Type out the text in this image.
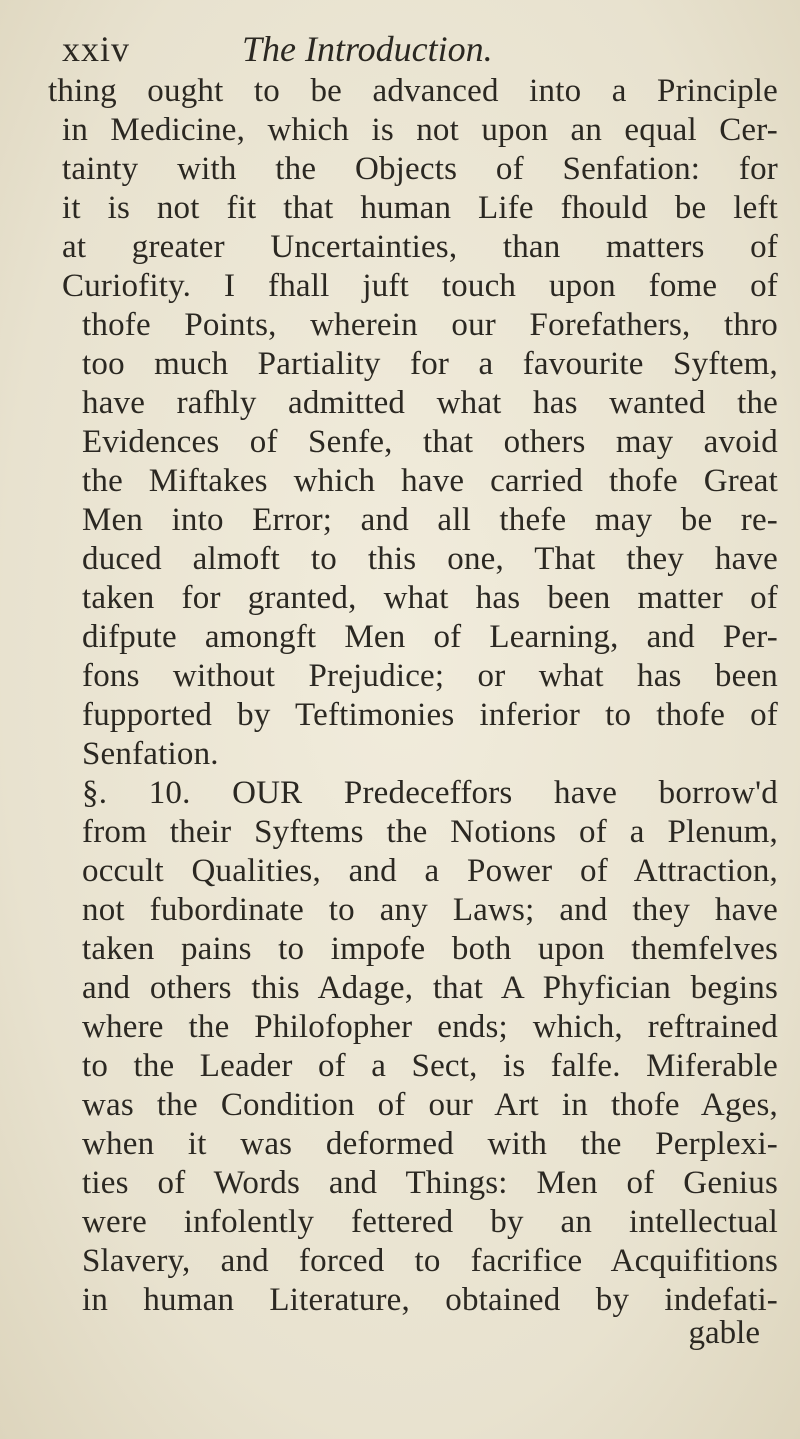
xxiv	The Introduction.
thing ought to be advanced into a Principle
in Medicine, which is not upon an equal Cer-
tainty with the Objects of Senfation: for
it is not fit that human Life fhould be left
at greater Uncertainties, than matters of
Curiofity. I fhall juft touch upon fome of
thofe Points, wherein our Forefathers, thro
too much Partiality for a favourite Syftem,
have rafhly admitted what has wanted the
Evidences of Senfe, that others may avoid
the Miftakes which have carried thofe Great
Men into Error; and all thefe may be re-
duced almoft to this one, That they have
taken for granted, what has been matter of
difpute amongft Men of Learning, and Per-
fons without Prejudice; or what has been
fupported by Teftimonies inferior to thofe of
Senfation.
§. 10. OUR Predeceffors have borrow'd
from their Syftems the Notions of a Plenum,
occult Qualities, and a Power of Attraction,
not fubordinate to any Laws; and they have
taken pains to impofe both upon themfelves
and others this Adage, that A Phyfician begins
where the Philofopher ends; which, reftrained
to the Leader of a Sect, is falfe. Miferable
was the Condition of our Art in thofe Ages,
when it was deformed with the Perplexi-
ties of Words and Things: Men of Genius
were infolently fettered by an intellectual
Slavery, and forced to facrifice Acquifitions
in human Literature, obtained by indefati-
gable
